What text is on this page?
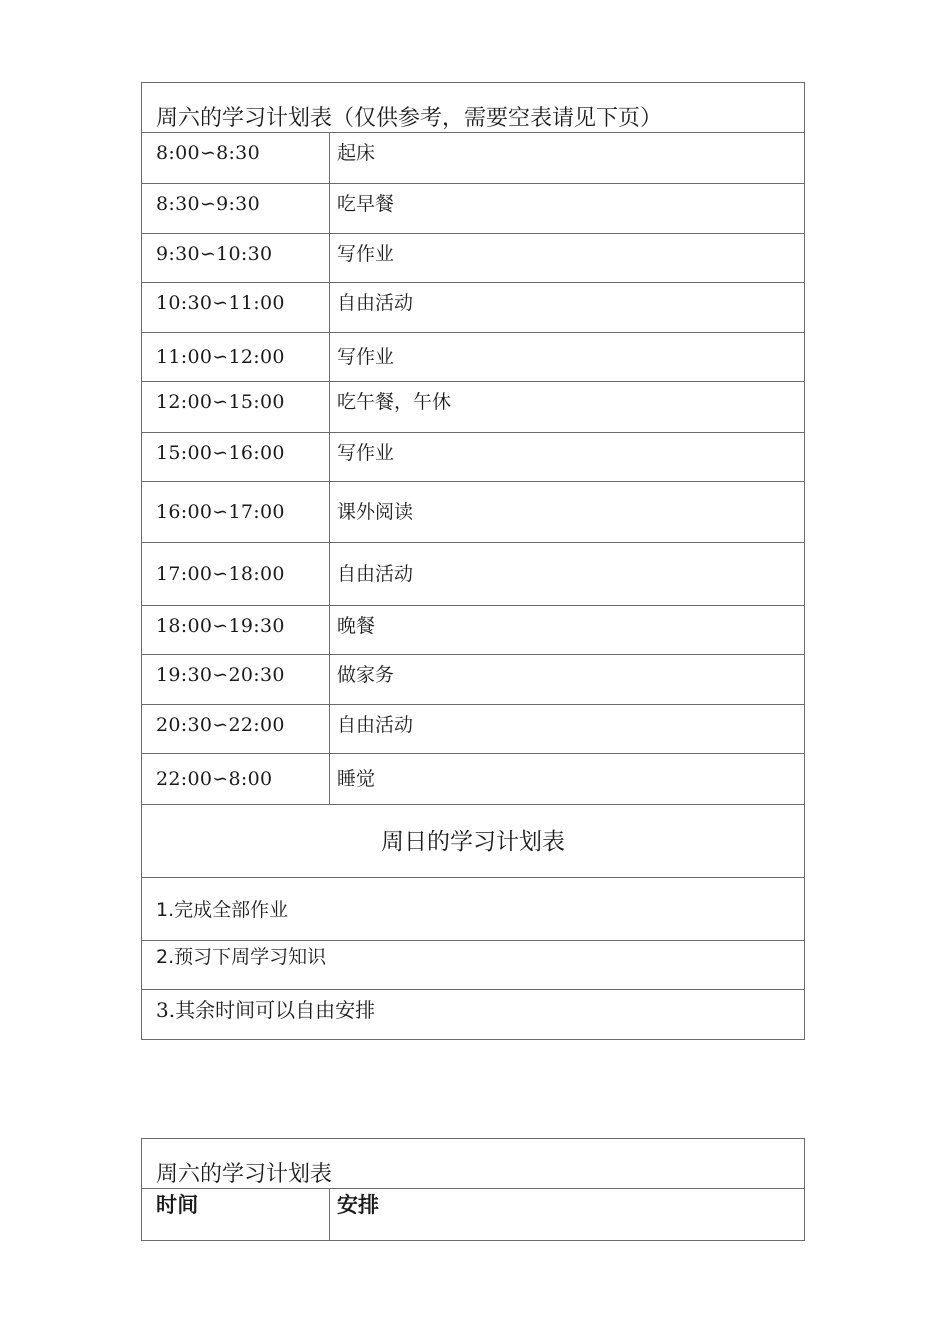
周六的学习计划表（仅供参考，需要空表请见下页）
8:00∽8:30	起床
8:30∽9:30	吃早餐
9:30∽10:30	写作业
10:30∽11:00	自由活动
11:00∽12:00	写作业
12:00∽15:00	吃午餐，午休
15:00∽16:00	写作业
16:00∽17:00	课外阅读
17:00∽18:00	自由活动
18:00∽19:30	晚餐
19:30∽20:30	做家务
20:30∽22:00	自由活动
22:00∽8:00	睡觉
周日的学习计划表
1.完成全部作业
2.预习下周学习知识
3.其余时间可以自由安排
周六的学习计划表
时间	安排
